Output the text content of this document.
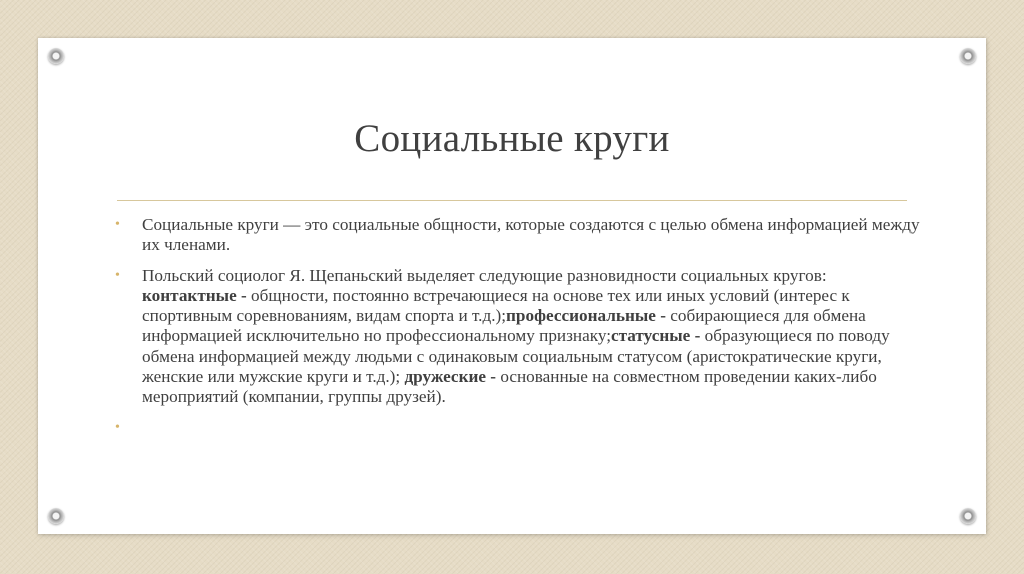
Социальные круги
• Социальные круги — это социальные общности, которые создаются с целью обмена информацией между их членами.
• Польский социолог Я. Щепаньский выделяет следующие разновидности социальных кругов: контактные - общности, постоянно встречающиеся на основе тех или иных условий (интерес к спортивным соревнованиям, видам спорта и т.д.);профессиональные - собирающиеся для обмена информацией исключительно но профессиональному признаку;статусные - образующиеся по поводу обмена информацией между людьми с одинаковым социальным статусом (аристократические круги, женские или мужские круги и т.д.); дружеские - основанные на совместном проведении каких-либо мероприятий (компании, группы друзей).
•
